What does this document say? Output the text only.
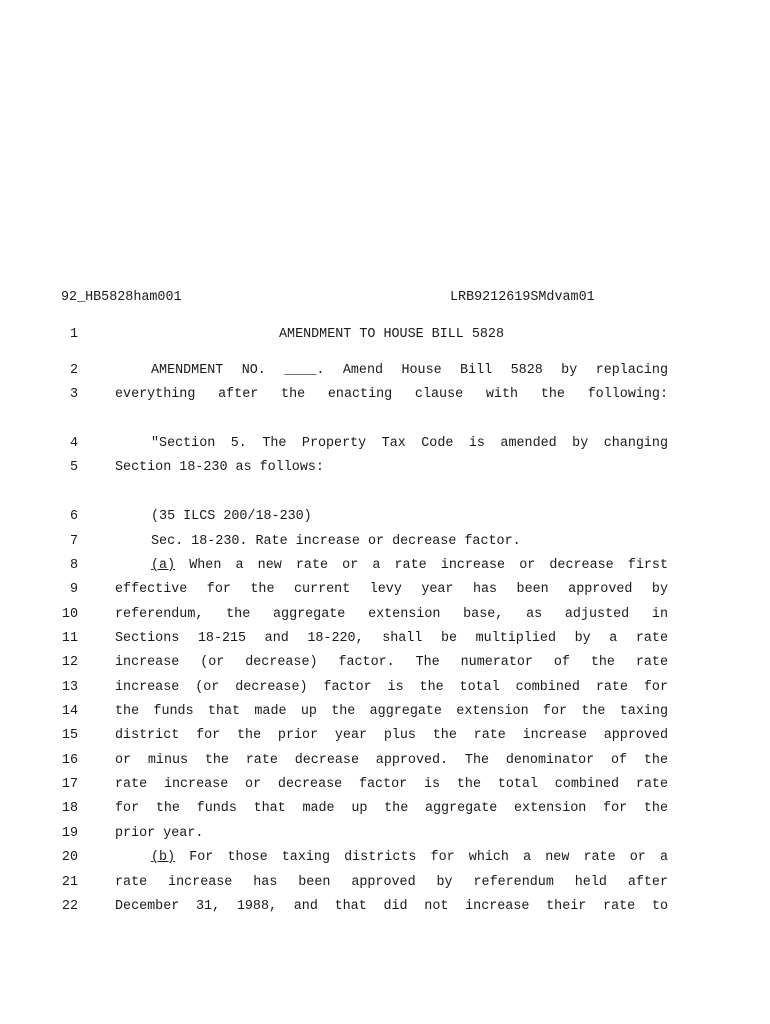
92_HB5828ham001	LRB9212619SMdvam01
1	AMENDMENT TO HOUSE BILL 5828
2	AMENDMENT NO. ____. Amend House Bill 5828 by replacing
3	everything after the enacting clause with the following:
4	"Section 5. The Property Tax Code is amended by changing
5	Section 18-230 as follows:
6	(35 ILCS 200/18-230)
7	Sec. 18-230. Rate increase or decrease factor.
8	(a) When a new rate or a rate increase or decrease first
9	effective for the current levy year has been approved by
10	referendum, the aggregate extension base, as adjusted in
11	Sections 18-215 and 18-220, shall be multiplied by a rate
12	increase (or decrease) factor. The numerator of the rate
13	increase (or decrease) factor is the total combined rate for
14	the funds that made up the aggregate extension for the taxing
15	district for the prior year plus the rate increase approved
16	or minus the rate decrease approved. The denominator of the
17	rate increase or decrease factor is the total combined rate
18	for the funds that made up the aggregate extension for the
19	prior year.
20	(b) For those taxing districts for which a new rate or a
21	rate increase has been approved by referendum held after
22	December 31, 1988, and that did not increase their rate to
